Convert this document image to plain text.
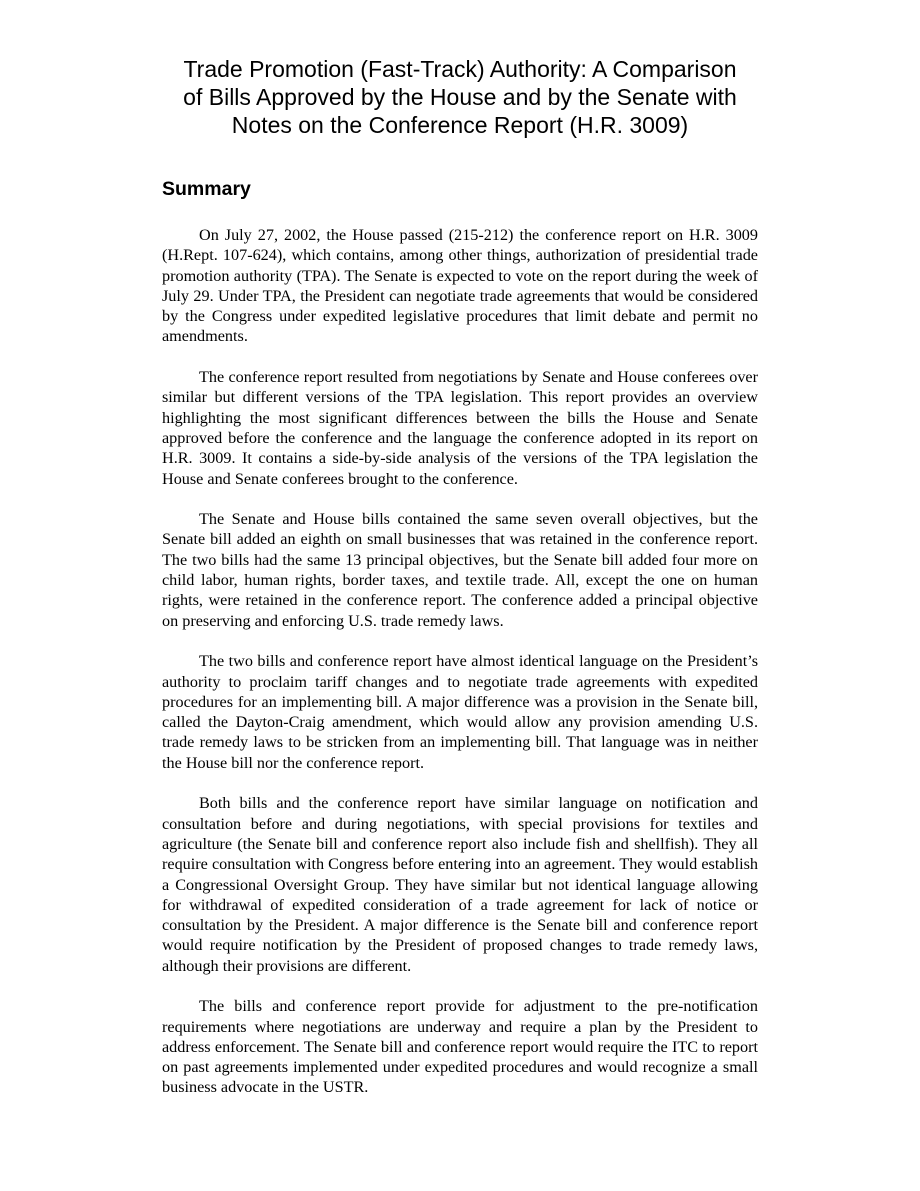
Trade Promotion (Fast-Track) Authority: A Comparison
of Bills Approved by the House and by the Senate with
Notes on the Conference Report (H.R. 3009)
Summary

On July 27, 2002, the House passed (215-212) the conference report on H.R. 3009 (H.Rept. 107-624), which contains, among other things, authorization of presidential trade promotion authority (TPA). The Senate is expected to vote on the report during the week of July 29. Under TPA, the President can negotiate trade agreements that would be considered by the Congress under expedited legislative procedures that limit debate and permit no amendments.

The conference report resulted from negotiations by Senate and House conferees over similar but different versions of the TPA legislation. This report provides an overview highlighting the most significant differences between the bills the House and Senate approved before the conference and the language the conference adopted in its report on H.R. 3009. It contains a side-by-side analysis of the versions of the TPA legislation the House and Senate conferees brought to the conference.

The Senate and House bills contained the same seven overall objectives, but the Senate bill added an eighth on small businesses that was retained in the conference report. The two bills had the same 13 principal objectives, but the Senate bill added four more on child labor, human rights, border taxes, and textile trade. All, except the one on human rights, were retained in the conference report. The conference added a principal objective on preserving and enforcing U.S. trade remedy laws.

The two bills and conference report have almost identical language on the President’s authority to proclaim tariff changes and to negotiate trade agreements with expedited procedures for an implementing bill. A major difference was a provision in the Senate bill, called the Dayton-Craig amendment, which would allow any provision amending U.S. trade remedy laws to be stricken from an implementing bill. That language was in neither the House bill nor the conference report.

Both bills and the conference report have similar language on notification and consultation before and during negotiations, with special provisions for textiles and agriculture (the Senate bill and conference report also include fish and shellfish). They all require consultation with Congress before entering into an agreement. They would establish a Congressional Oversight Group. They have similar but not identical language allowing for withdrawal of expedited consideration of a trade agreement for lack of notice or consultation by the President. A major difference is the Senate bill and conference report would require notification by the President of proposed changes to trade remedy laws, although their provisions are different.

The bills and conference report provide for adjustment to the pre-notification requirements where negotiations are underway and require a plan by the President to address enforcement. The Senate bill and conference report would require the ITC to report on past agreements implemented under expedited procedures and would recognize a small business advocate in the USTR.
